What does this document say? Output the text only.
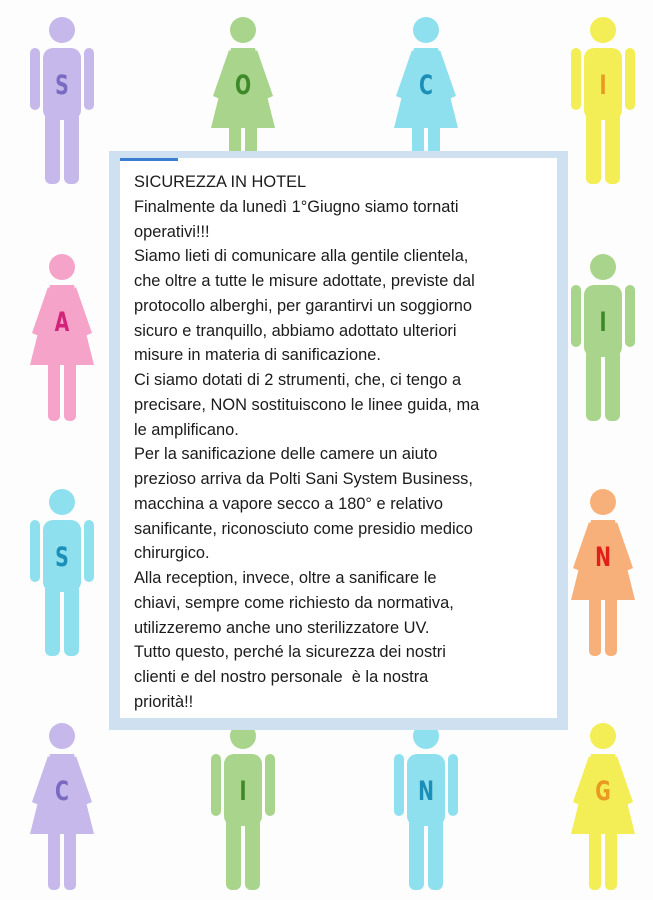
S	O	C	I
A	I
S	N
C	I	N	G
SICUREZZA IN HOTEL
Finalmente da lunedì 1°Giugno siamo tornati
operativi!!!
Siamo lieti di comunicare alla gentile clientela,
che oltre a tutte le misure adottate, previste dal
protocollo alberghi, per garantirvi un soggiorno
sicuro e tranquillo, abbiamo adottato ulteriori
misure in materia di sanificazione.
Ci siamo dotati di 2 strumenti, che, ci tengo a
precisare, NON sostituiscono le linee guida, ma
le amplificano.
Per la sanificazione delle camere un aiuto
prezioso arriva da Polti Sani System Business,
macchina a vapore secco a 180° e relativo
sanificante, riconosciuto come presidio medico
chirurgico.
Alla reception, invece, oltre a sanificare le
chiavi, sempre come richiesto da normativa,
utilizzeremo anche uno sterilizzatore UV.
Tutto questo, perché la sicurezza dei nostri
clienti e del nostro personale  è la nostra
priorità!!
